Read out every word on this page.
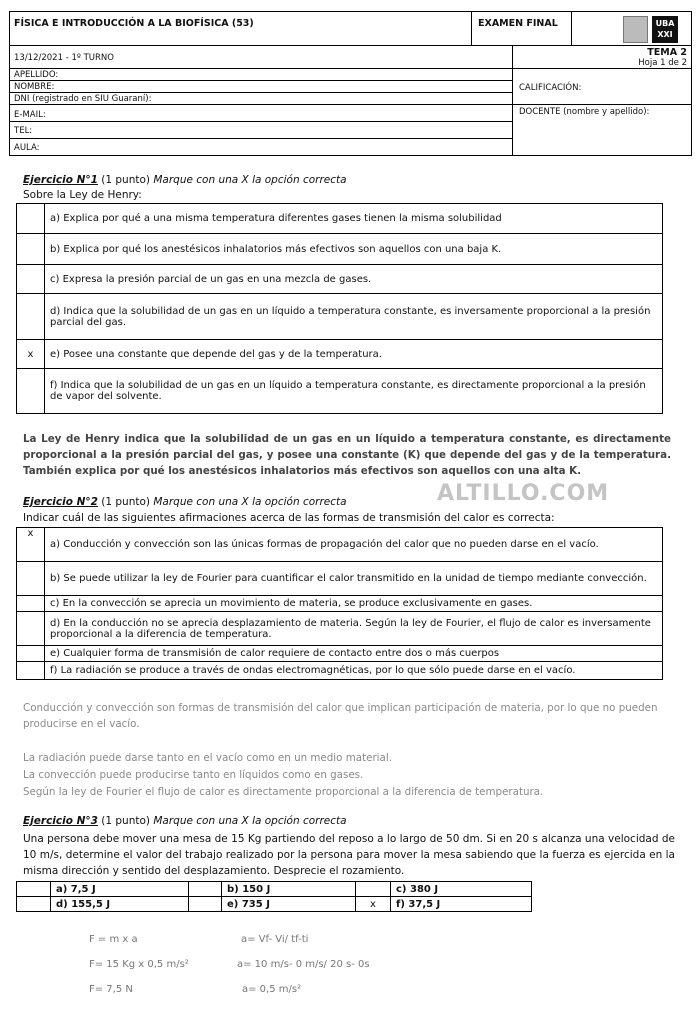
FÍSICA E INTRODUCCIÓN A LA BIOFÍSICA (53)	EXAMEN FINAL	UBA
XXI
13/12/2021 - 1º TURNO	TEMA 2
Hoja 1 de 2
APELLIDO:
NOMBRE:
DNI (registrado en SIU Guaraní):
E-MAIL:
TEL:
AULA:
CALIFICACIÓN:
DOCENTE (nombre y apellido):
Ejercicio N°1 (1 punto) Marque con una X la opción correcta
Sobre la Ley de Henry:
	a) Explica por qué a una misma temperatura diferentes gases tienen la misma solubilidad
	b) Explica por qué los anestésicos inhalatorios más efectivos son aquellos con una baja K.
	c) Expresa la presión parcial de un gas en una mezcla de gases.
	d) Indica que la solubilidad de un gas en un líquido a temperatura constante, es inversamente proporcional a la presión parcial del gas.
x	e) Posee una constante que depende del gas y de la temperatura.
	f) Indica que la solubilidad de un gas en un líquido a temperatura constante, es directamente proporcional a la presión de vapor del solvente.
La Ley de Henry indica que la solubilidad de un gas en un líquido a temperatura constante, es directamente proporcional a la presión parcial del gas, y posee una constante (K) que depende del gas y de la temperatura. También explica por qué los anestésicos inhalatorios más efectivos son aquellos con una alta K.
ALTILLO.COM
Ejercicio N°2 (1 punto) Marque con una X la opción correcta
Indicar cuál de las siguientes afirmaciones acerca de las formas de transmisión del calor es correcta:
x	a) Conducción y convección son las únicas formas de propagación del calor que no pueden darse en el vacío.
	b) Se puede utilizar la ley de Fourier para cuantificar el calor transmitido en la unidad de tiempo mediante convección.
	c) En la convección se aprecia un movimiento de materia, se produce exclusivamente en gases.
	d) En la conducción no se aprecia desplazamiento de materia. Según la ley de Fourier, el flujo de calor es inversamente proporcional a la diferencia de temperatura.
	e) Cualquier forma de transmisión de calor requiere de contacto entre dos o más cuerpos
	f) La radiación se produce a través de ondas electromagnéticas, por lo que sólo puede darse en el vacío.
Conducción y convección son formas de transmisión del calor que implican participación de materia, por lo que no pueden producirse en el vacío.
La radiación puede darse tanto en el vacío como en un medio material.
La convección puede producirse tanto en líquidos como en gases.
Según la ley de Fourier el flujo de calor es directamente proporcional a la diferencia de temperatura.
Ejercicio N°3 (1 punto) Marque con una X la opción correcta
Una persona debe mover una mesa de 15 Kg partiendo del reposo a lo largo de 50 dm. Si en 20 s alcanza una velocidad de 10 m/s, determine el valor del trabajo realizado por la persona para mover la mesa sabiendo que la fuerza es ejercida en la misma dirección y sentido del desplazamiento. Desprecie el rozamiento.
	a) 7,5 J		b) 150 J		c) 380 J
	d) 155,5 J		e) 735 J	x	f) 37,5 J
F = m x a
F= 15 Kg x 0,5 m/s²
F= 7,5 N
a= Vf- Vi/ tf-ti
a= 10 m/s- 0 m/s/ 20 s- 0s
a= 0,5 m/s²
